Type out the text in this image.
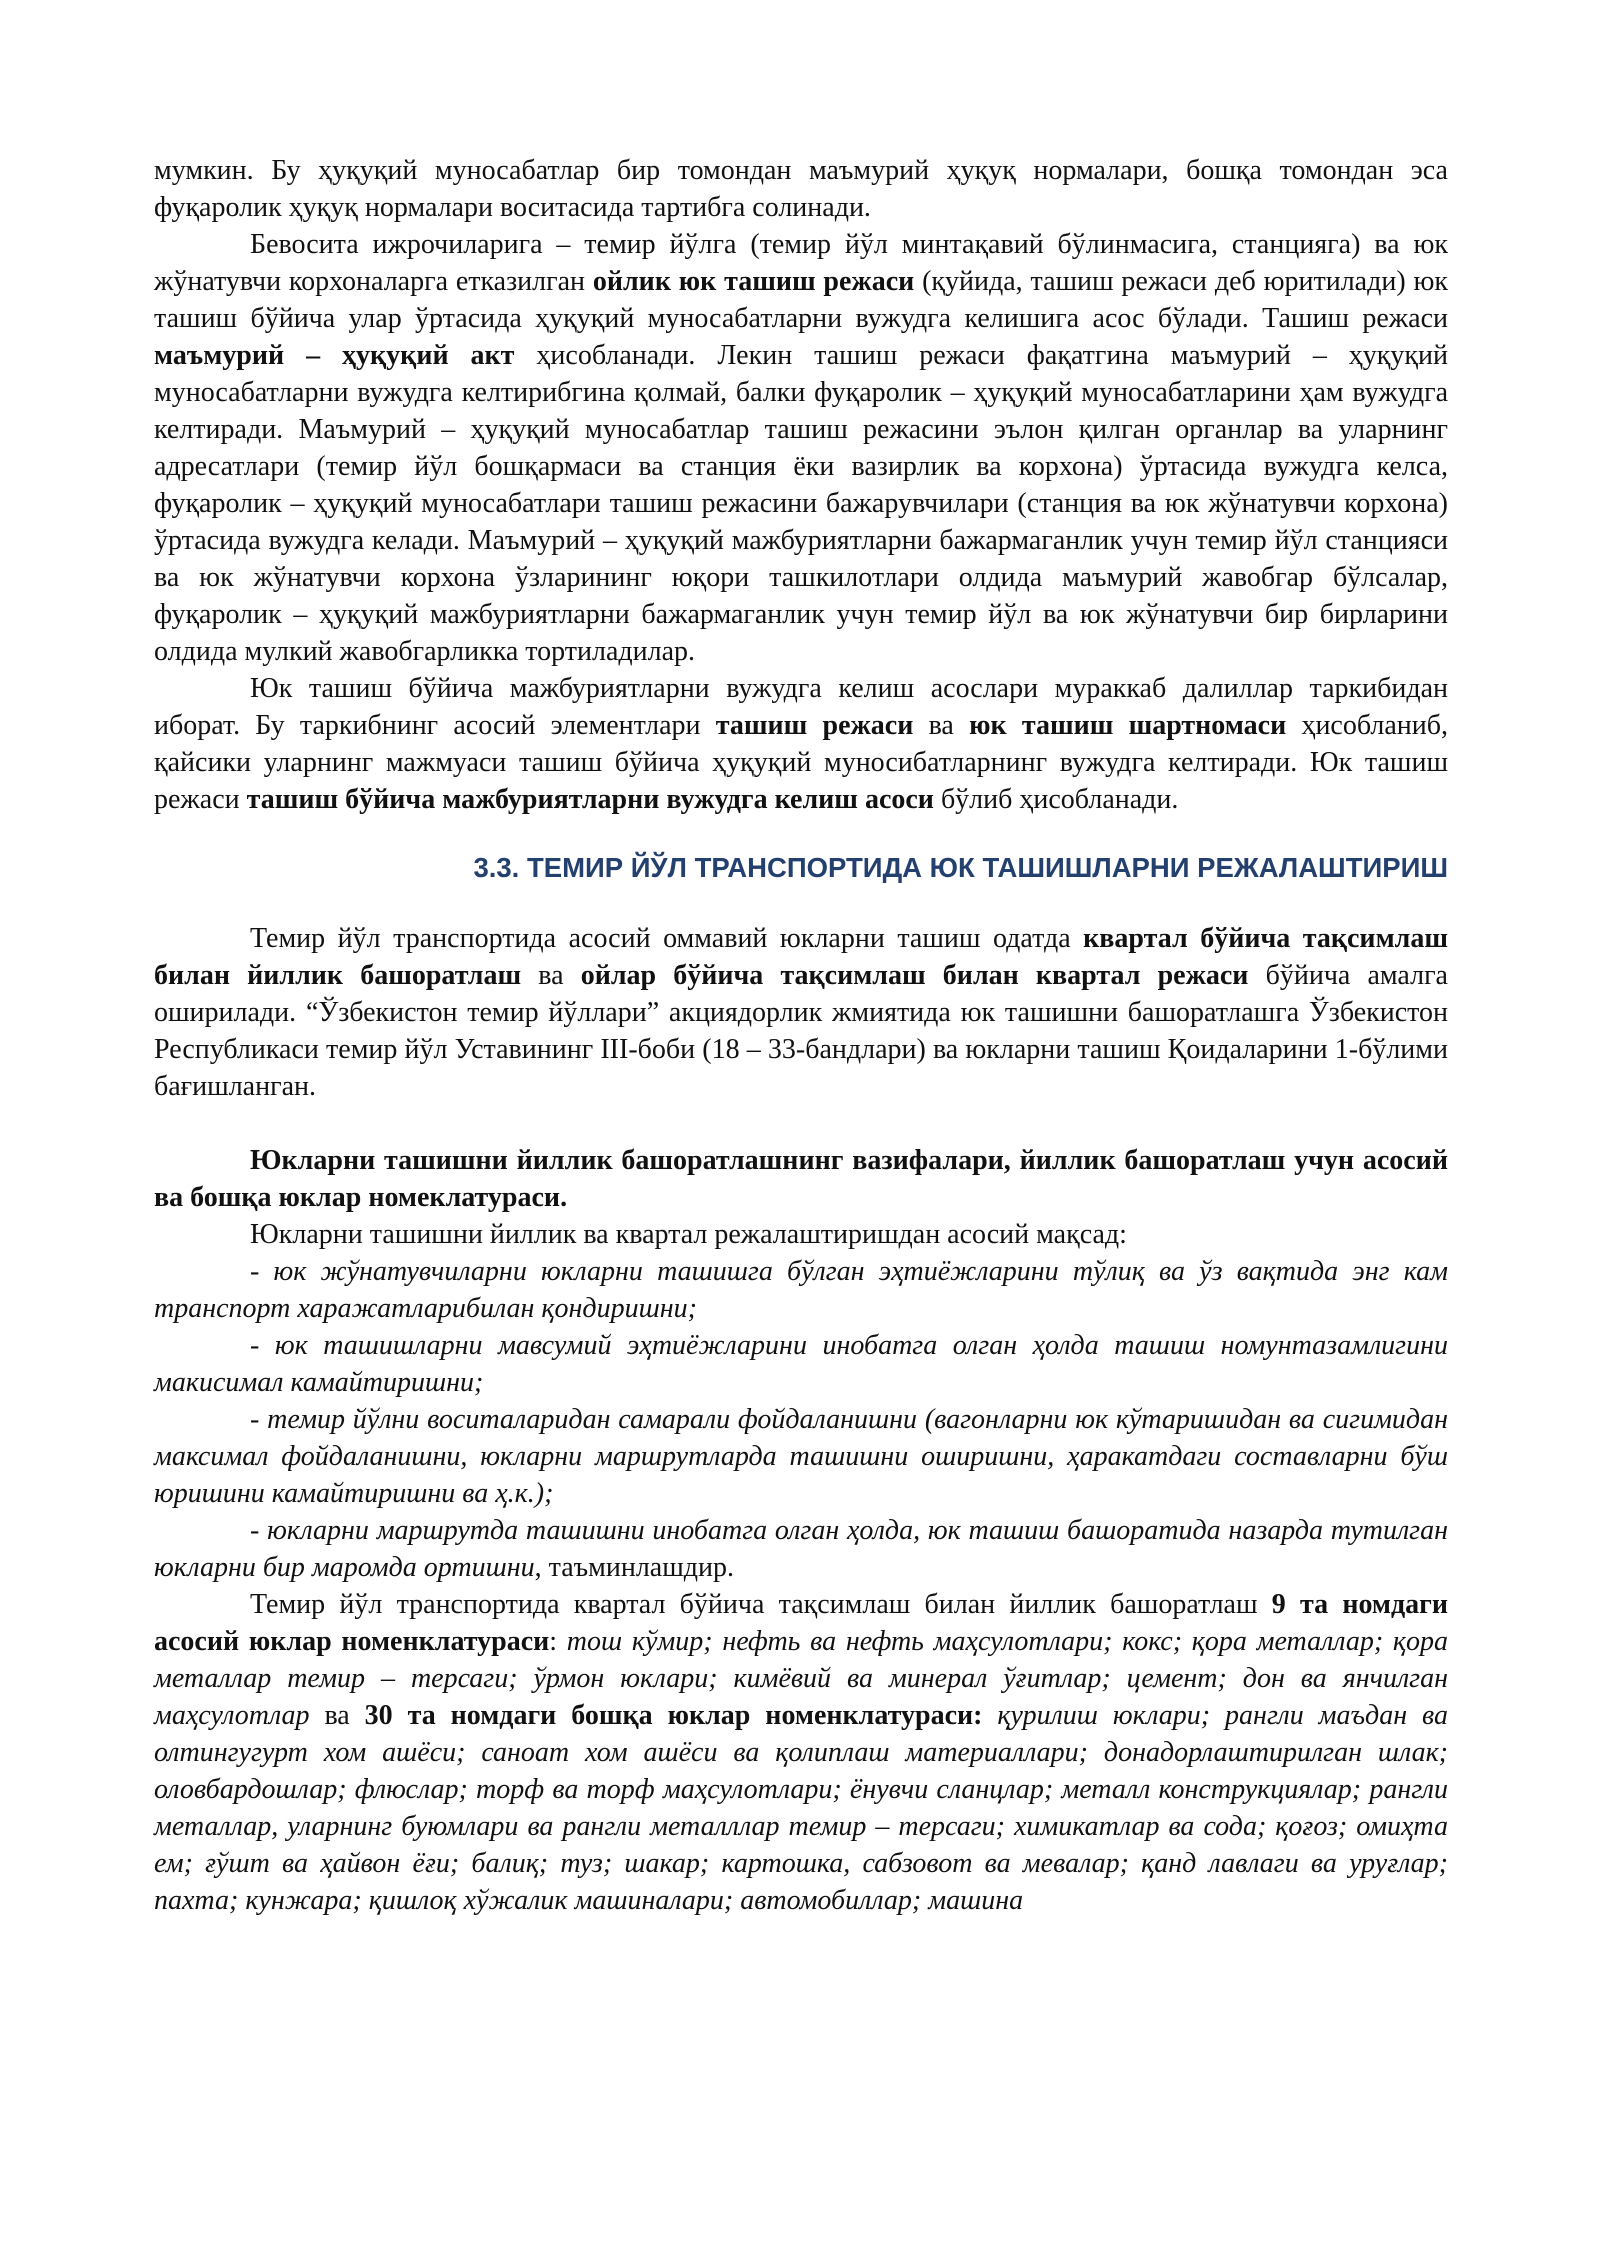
мумкин. Бу ҳуқуқий муносабатлар бир томондан маъмурий ҳуқуқ нормалари, бошқа томондан эса фуқаролик ҳуқуқ нормалари воситасида тартибга солинади.

Бевосита ижрочиларига – темир йўлга (темир йўл минтақавий бўлинмасига, станцияга) ва юк жўнатувчи корхоналарга етказилган ойлик юк ташиш режаси (қуйида, ташиш режаси деб юритилади) юк ташиш бўйича улар ўртасида ҳуқуқий муносабатларни вужудга келишига асос бўлади. Ташиш режаси маъмурий – ҳуқуқий акт ҳисобланади. Лекин ташиш режаси фақатгина маъмурий – ҳуқуқий муносабатларни вужудга келтирибгина қолмай, балки фуқаролик – ҳуқуқий муносабатларини ҳам вужудга келтиради. Маъмурий – ҳуқуқий муносабатлар ташиш режасини эълон қилган органлар ва уларнинг адресатлари (темир йўл бошқармаси ва станция ёки вазирлик ва корхона) ўртасида вужудга келса, фуқаролик – ҳуқуқий муносабатлари ташиш режасини бажарувчилари (станция ва юк жўнатувчи корхона) ўртасида вужудга келади. Маъмурий – ҳуқуқий мажбуриятларни бажармаганлик учун темир йўл станцияси ва юк жўнатувчи корхона ўзларининг юқори ташкилотлари олдида маъмурий жавобгар бўлсалар, фуқаролик – ҳуқуқий мажбуриятларни бажармаганлик учун темир йўл ва юк жўнатувчи бир бирларини олдида мулкий жавобгарликка тортиладилар.

Юк ташиш бўйича мажбуриятларни вужудга келиш асослари мураккаб далиллар таркибидан иборат. Бу таркибнинг асосий элементлари ташиш режаси ва юк ташиш шартномаси ҳисобланиб, қайсики уларнинг мажмуаси ташиш бўйича ҳуқуқий муносибатларнинг вужудга келтиради. Юк ташиш режаси ташиш бўйича мажбуриятларни вужудга келиш асоси бўлиб ҳисобланади.

3.3. ТЕМИР ЙЎЛ ТРАНСПОРТИДА ЮК ТАШИШЛАРНИ РЕЖАЛАШТИРИШ

Темир йўл транспортида асосий оммавий юкларни ташиш одатда квартал бўйича тақсимлаш билан йиллик башоратлаш ва ойлар бўйича тақсимлаш билан квартал режаси бўйича амалга оширилади. “Ўзбекистон темир йўллари” акциядорлик жмиятида юк ташишни башоратлашга Ўзбекистон Республикаси темир йўл Уставининг III-боби (18 – 33-бандлари) ва юкларни ташиш Қоидаларини 1-бўлими бағишланган.

Юкларни ташишни йиллик башоратлашнинг вазифалари, йиллик башоратлаш учун асосий ва бошқа юклар номеклатураси.

Юкларни ташишни йиллик ва квартал режалаштиришдан асосий мақсад:

- юк жўнатувчиларни юкларни ташишга бўлган эҳтиёжларини тўлиқ ва ўз вақтида энг кам транспорт харажатларибилан қондиришни;

- юк ташишларни мавсумий эҳтиёжларини инобатга олган ҳолда ташиш номунтазамлигини макисимал камайтиришни;

- темир йўлни воситаларидан самарали фойдаланишни (вагонларни юк кўтаришидан ва сигимидан максимал фойдаланишни, юкларни маршрутларда ташишни оширишни, ҳаракатдаги составларни бўш юришини камайтиришни ва ҳ.к.);

- юкларни маршрутда ташишни инобатга олган ҳолда, юк ташиш башоратида назарда тутилган юкларни бир маромда ортишни, таъминлашдир.

Темир йўл транспортида квартал бўйича тақсимлаш билан йиллик башоратлаш 9 та номдаги асосий юклар номенклатураси: тош кўмир; нефть ва нефть маҳсулотлари; кокс; қора металлар; қора металлар темир – терсаги; ўрмон юклари; кимёвий ва минерал ўғитлар; цемент; дон ва янчилган маҳсулотлар ва 30 та номдаги бошқа юклар номенклатураси: қурилиш юклари; рангли маъдан ва олтингугурт хом ашёси; саноат хом ашёси ва қолиплаш материаллари; донадорлаштирилган шлак; оловбардошлар; флюслар; торф ва торф маҳсулотлари; ёнувчи сланцлар; металл конструкциялар; рангли металлар, уларнинг буюмлари ва рангли металллар темир – терсаги; химикатлар ва сода; қоғоз; омиҳта ем; ғўшт ва ҳайвон ёғи; балиқ; туз; шакар; картошка, сабзовот ва мевалар; қанд лавлаги ва уруғлар; пахта; кунжара; қишлоқ хўжалик машиналари; автомобиллар; машина
